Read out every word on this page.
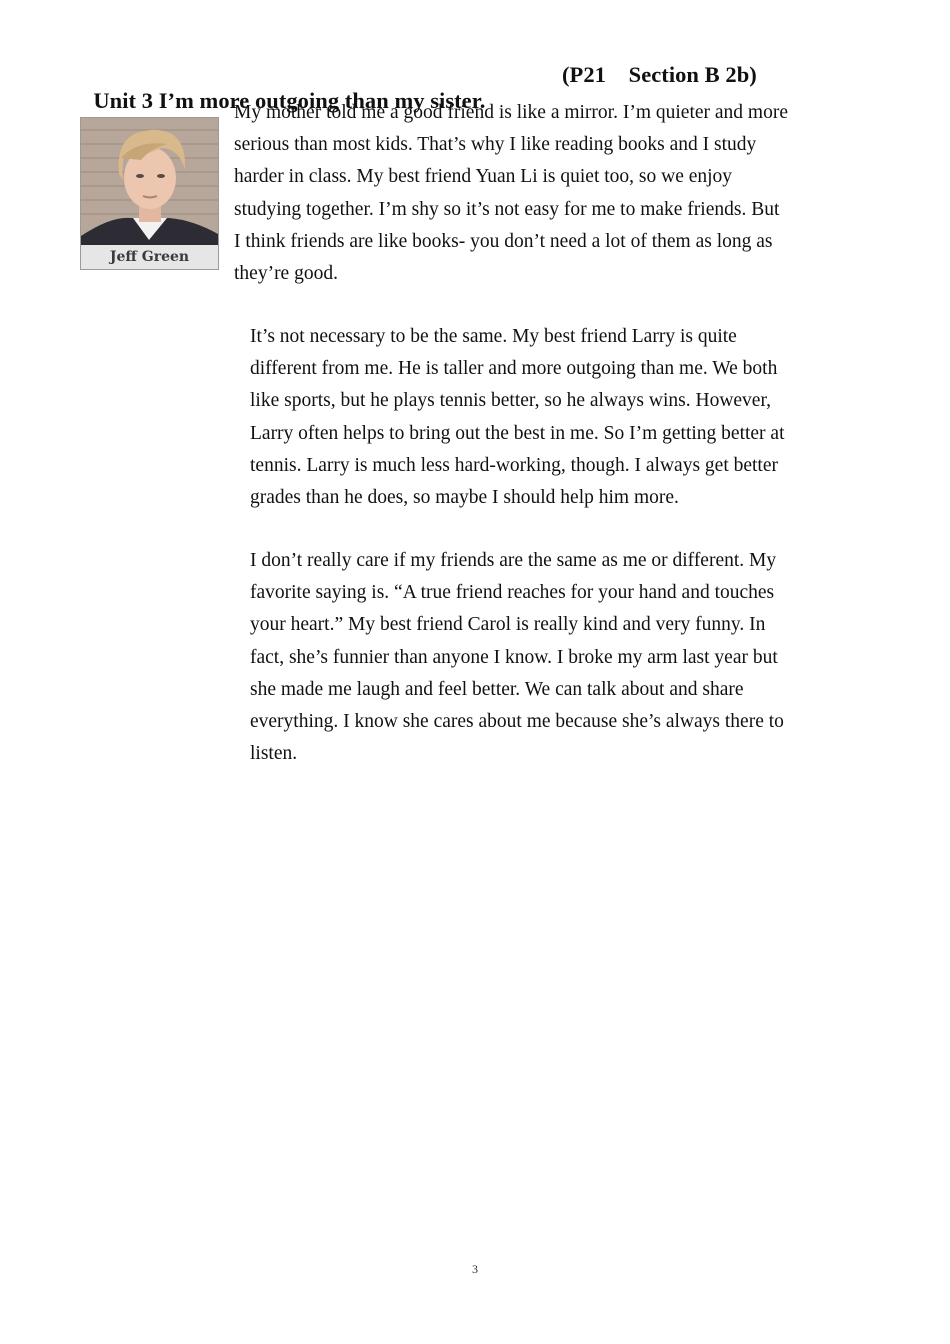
Unit 3 I’m more outgoing than my sister.

(P21    Section B 2b)

Jeff Green

My mother told me a good friend is like a mirror. I’m quieter and more

serious than most kids. That’s why I like reading books and I study

harder in class. My best friend Yuan Li is quiet too, so we enjoy

studying together. I’m shy so it’s not easy for me to make friends. But

I think friends are like books- you don’t need a lot of them as long as

they’re good.

It’s not necessary to be the same. My best friend Larry is quite

different from me. He is taller and more outgoing than me. We both

like sports, but he plays tennis better, so he always wins. However,

Larry often helps to bring out the best in me. So I’m getting better at

tennis. Larry is much less hard-working, though. I always get better

grades than he does, so maybe I should help him more.

I don’t really care if my friends are the same as me or different. My

favorite saying is. “A true friend reaches for your hand and touches

your heart.” My best friend Carol is really kind and very funny. In

fact, she’s funnier than anyone I know. I broke my arm last year but

she made me laugh and feel better. We can talk about and share

everything. I know she cares about me because she’s always there to

listen.

3
